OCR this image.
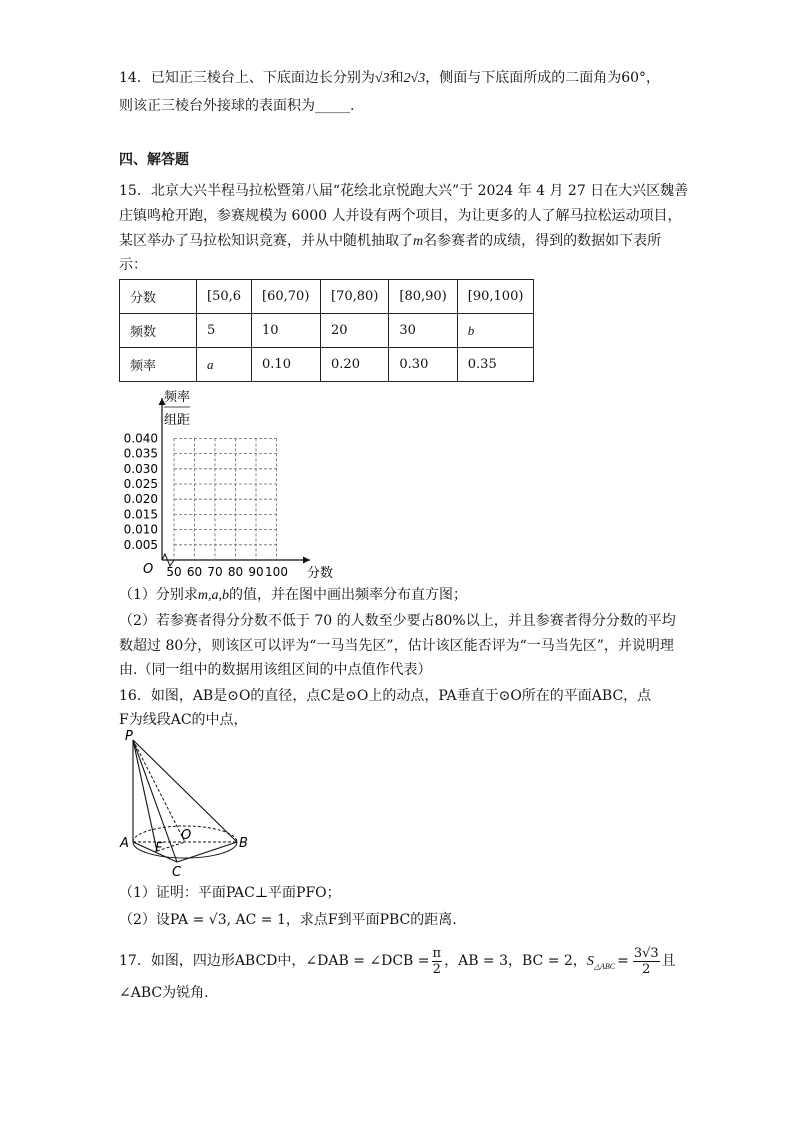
14．已知正三棱台上、下底面边长分别为√3和2√3，侧面与下底面所成的二面角为60°，
则该正三棱台外接球的表面积为_____.
四、解答题
15．北京大兴半程马拉松暨第八届“花绘北京悦跑大兴”于 2024 年 4 月 27 日在大兴区魏善
庄镇鸣枪开跑，参赛规模为 6000 人并设有两个项目，为让更多的人了解马拉松运动项目，
某区举办了马拉松知识竞赛，并从中随机抽取了m名参赛者的成绩，得到的数据如下表所
示：
分数	[50,6	[60,70)	[70,80)	[80,90)	[90,100)
频数	5	10	20	30	b
频率	a	0.10	0.20	0.30	0.35
频率
组距
0.040
0.035
0.030
0.025
0.020
0.015
0.010
0.005
50 60 70 80 90 100
O	分数
（1）分别求m,a,b的值，并在图中画出频率分布直方图；
（2）若参赛者得分分数不低于 70 的人数至少要占80%以上，并且参赛者得分分数的平均
数超过 80分，则该区可以评为“一马当先区”，估计该区能否评为“一马当先区”，并说明理
由.（同一组中的数据用该组区间的中点值作代表）
16．如图，AB是⊙O的直径，点C是⊙O上的动点，PA垂直于⊙O所在的平面ABC，点
F为线段AC的中点，
P
A	B
C
O
F
（1）证明：平面PAC⊥平面PFO；
（2）设PA = √3, AC = 1，求点F到平面PBC的距离.
17．如图，四边形ABCD中，∠DAB = ∠DCB = $\frac{\pi}{2}$ ，AB = 3，BC = 2，$S_{\triangle ABC} = \frac{3√3}{2}$ 且
∠ABC为锐角.
